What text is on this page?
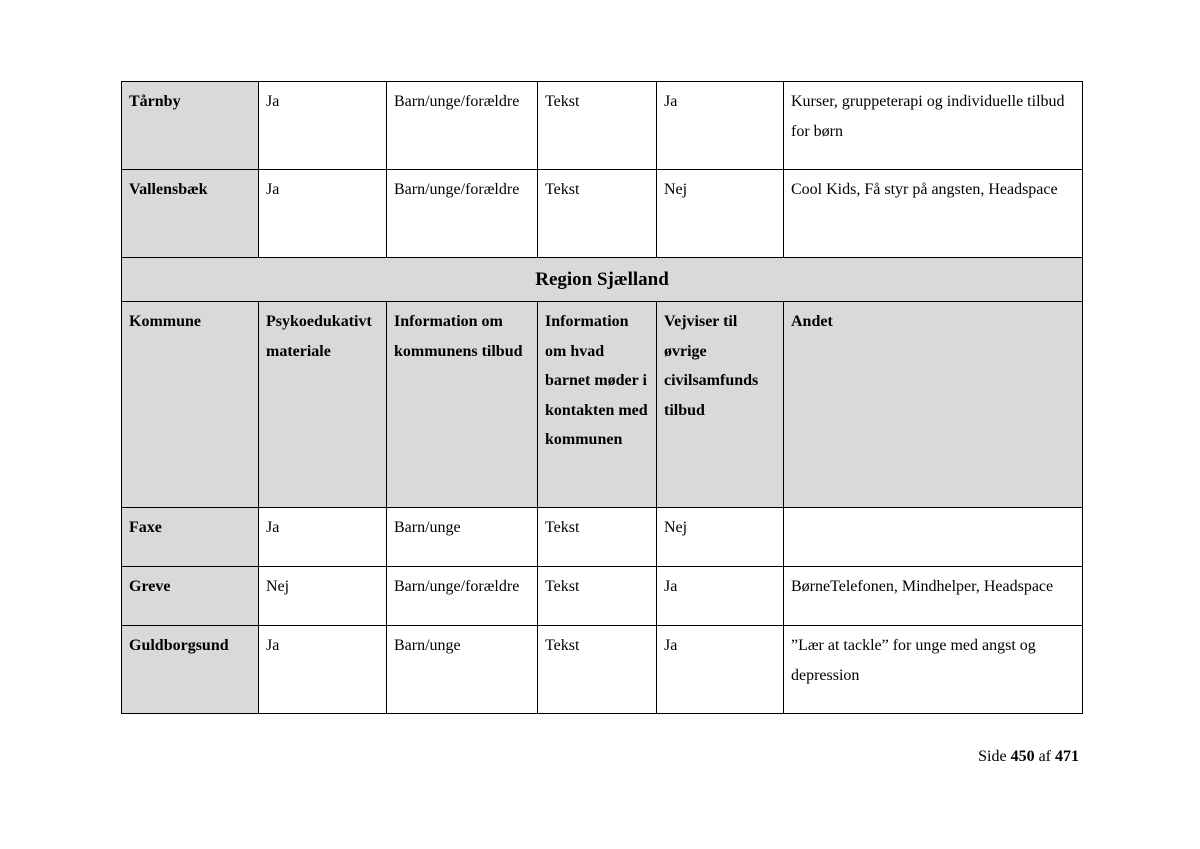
Tårnby	Ja	Barn/unge/forældre	Tekst	Ja	Kurser, gruppeterapi og individuelle tilbud for børn
Vallensbæk	Ja	Barn/unge/forældre	Tekst	Nej	Cool Kids, Få styr på angsten, Headspace
Region Sjælland					
Kommune	Psykoedukativt materiale	Information om kommunens tilbud	Information om hvad barnet møder i kontakten med kommunen	Vejviser til øvrige civilsamfunds tilbud	Andet
Faxe	Ja	Barn/unge	Tekst	Nej	
Greve	Nej	Barn/unge/forældre	Tekst	Ja	BørneTelefonen, Mindhelper, Headspace
Guldborgsund	Ja	Barn/unge	Tekst	Ja	”Lær at tackle” for unge med angst og depression
Side 450 af 471
